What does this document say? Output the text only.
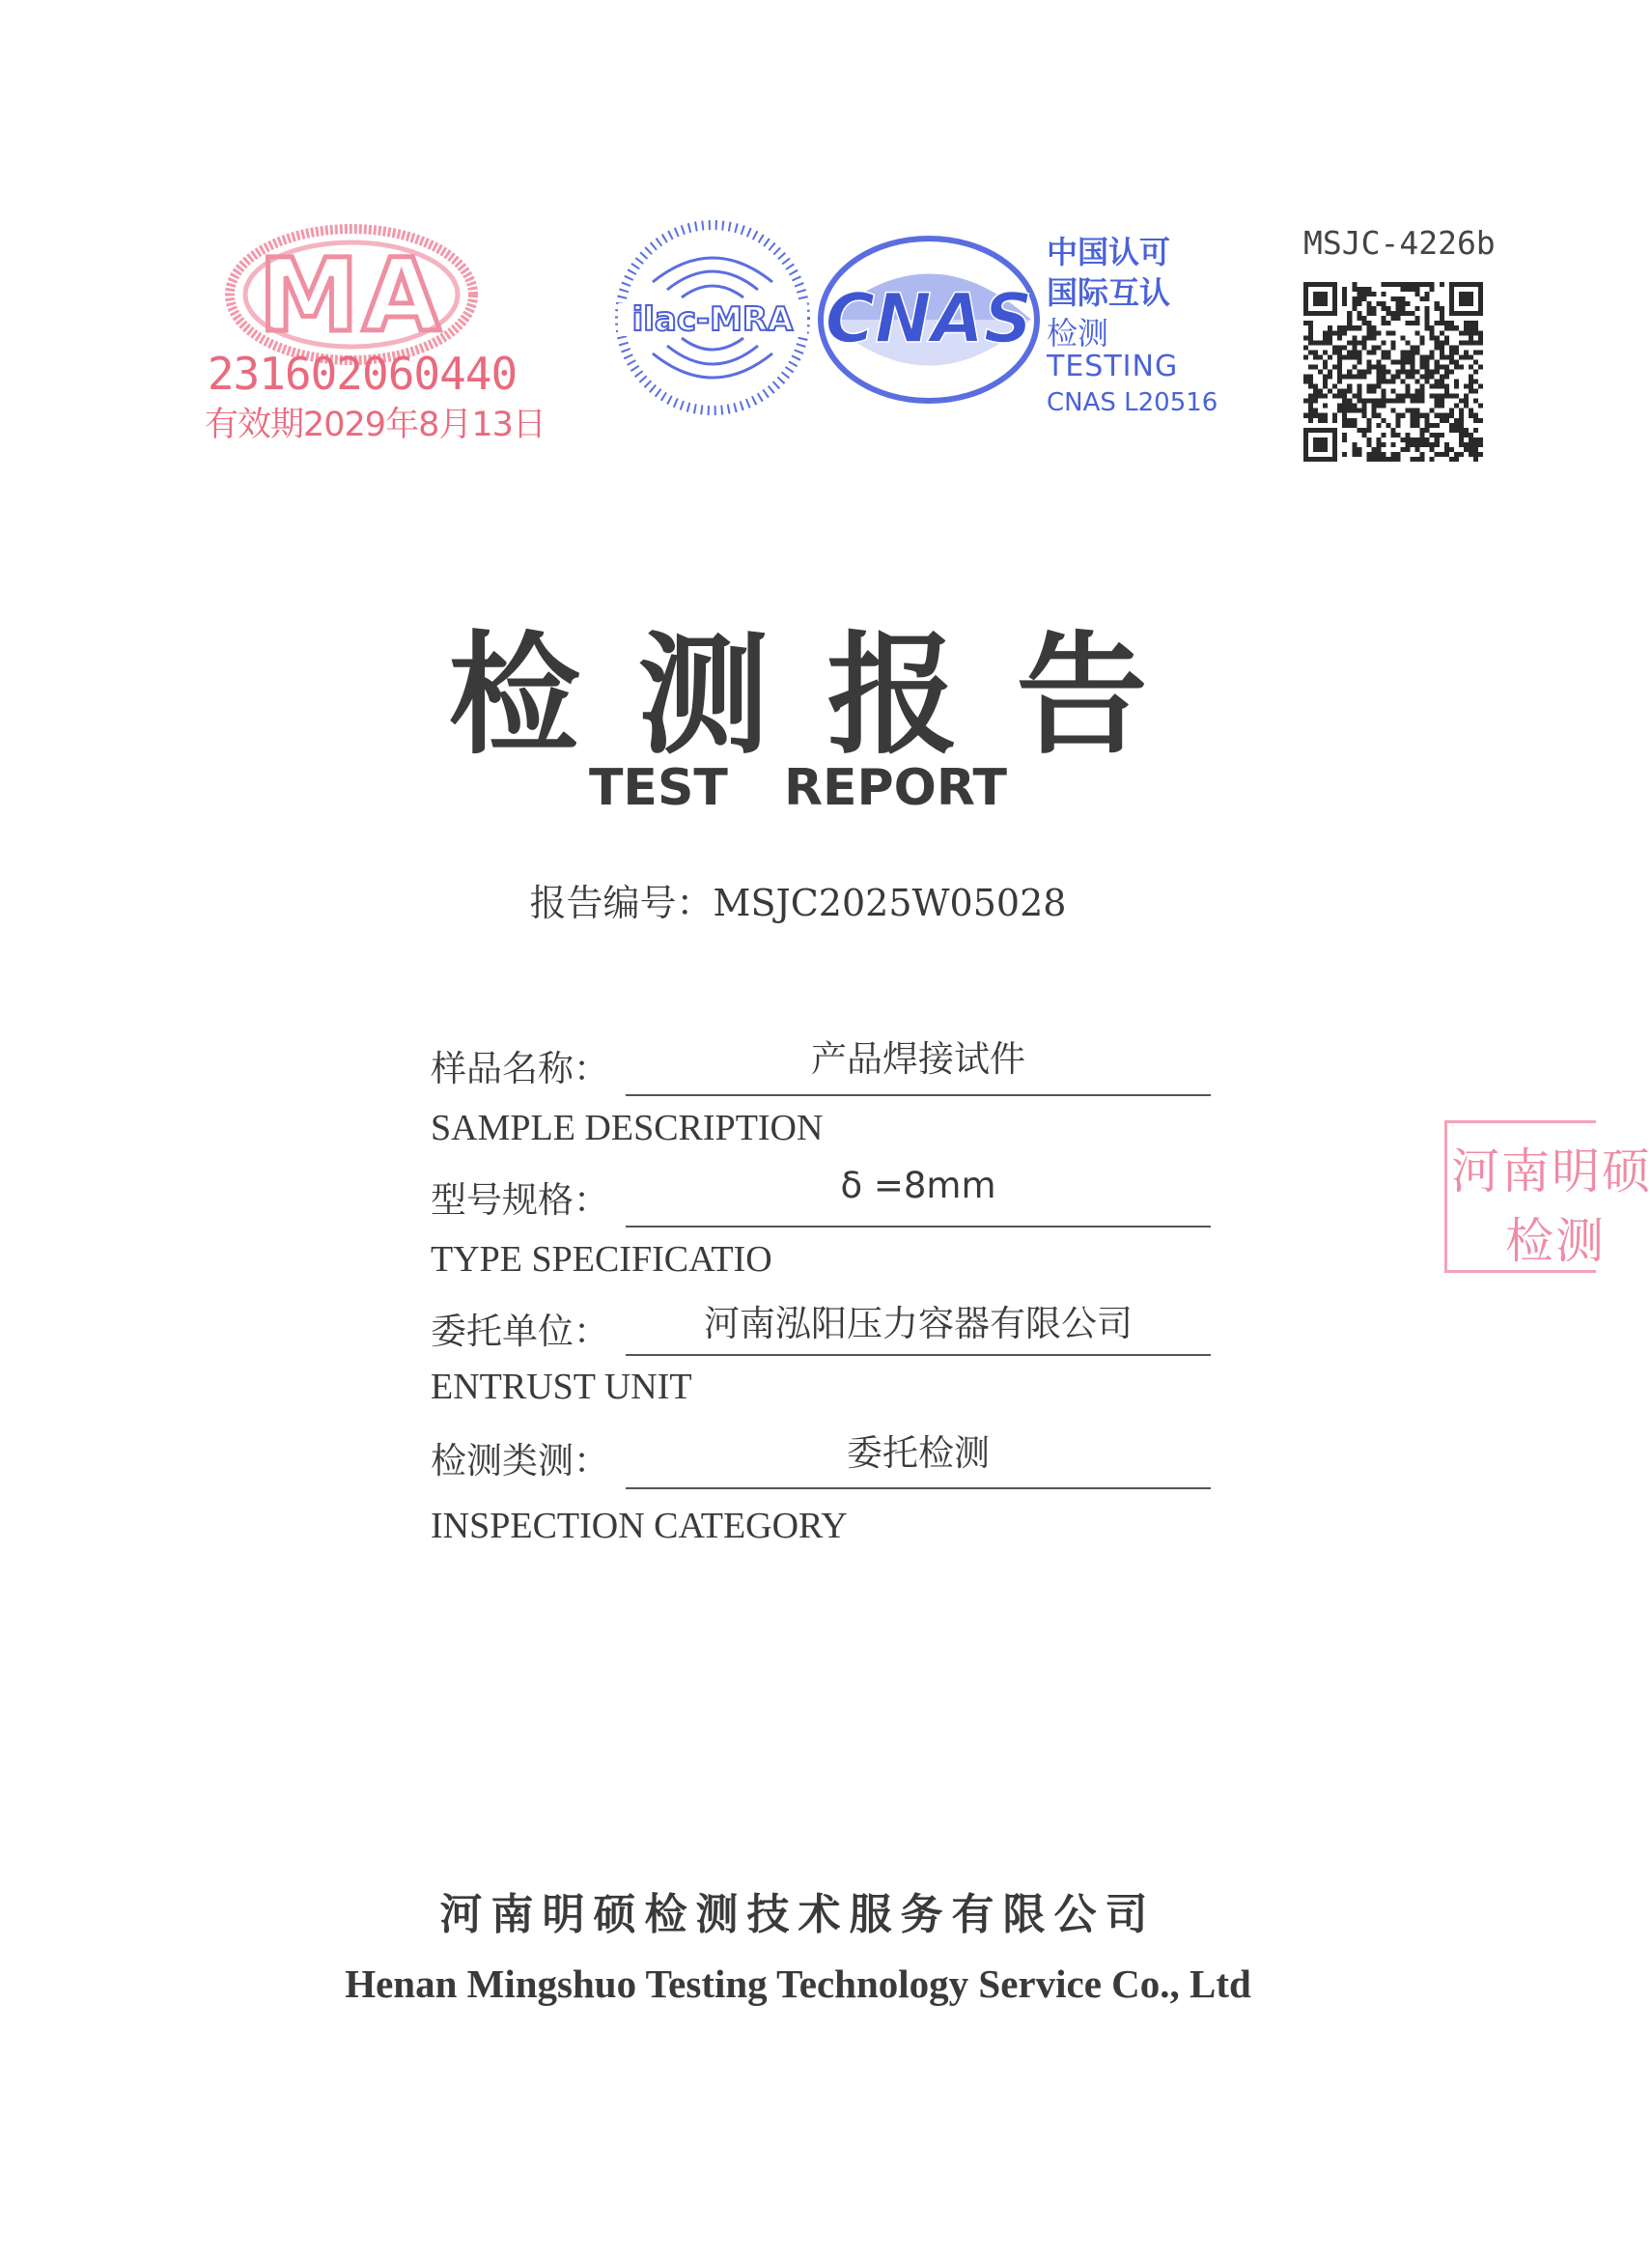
MA
231602060440
有效期2029年8月13日
ilac-MRA CNAS
中国认可
国际互认
检测
TESTING
CNAS L20516
MSJC-4226b
检测报告
TEST REPORT
报告编号：MSJC2025W05028
样品名称：	产品焊接试件
SAMPLE DESCRIPTION
型号规格：	δ =8mm
TYPE SPECIFICATIO
委托单位：	河南泓阳压力容器有限公司
ENTRUST UNIT
检测类测：	委托检测
INSPECTION CATEGORY
河南明硕
检测
河南明硕检测技术服务有限公司
Henan Mingshuo Testing Technology Service Co., Ltd
